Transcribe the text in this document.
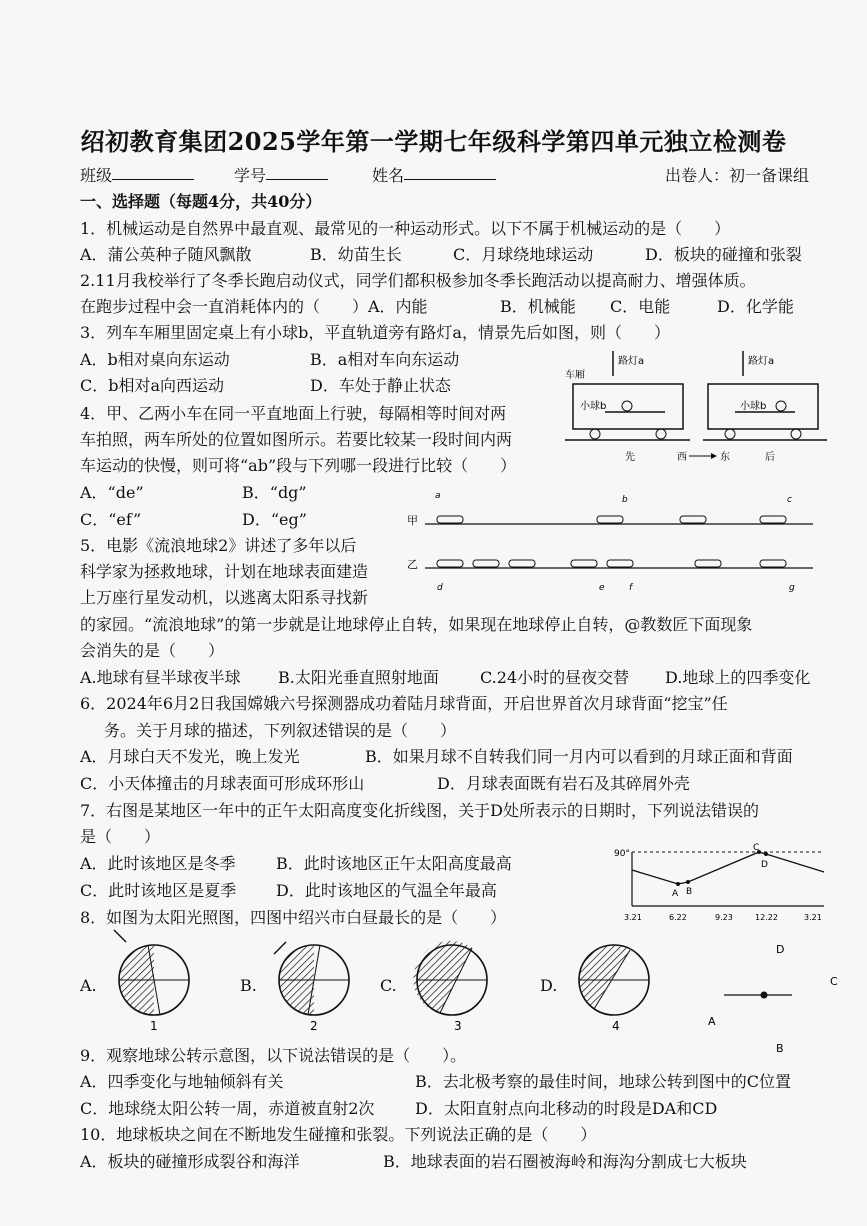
绍初教育集团2025学年第一学期七年级科学第四单元独立检测卷
班级	学号	姓名	出卷人：初一备课组
一、选择题（每题4分，共40分）
1．机械运动是自然界中最直观、最常见的一种运动形式。以下不属于机械运动的是（　　）
A．蒲公英种子随风飘散	B．幼苗生长	C．月球绕地球运动	D．板块的碰撞和张裂
2.11月我校举行了冬季长跑启动仪式，同学们都积极参加冬季长跑活动以提高耐力、增强体质。
在跑步过程中会一直消耗体内的（　　）A．内能	B．机械能 C．电能	D．化学能
3．列车车厢里固定桌上有小球b，平直轨道旁有路灯a，情景先后如图，则（　　）
A．b相对桌向东运动	B．a相对车向东运动
C．b相对a向西运动	D．车处于静止状态
车厢
路灯a
小球b
路灯a
小球b
先	西	东	后
4．甲、乙两小车在同一平直地面上行驶，每隔相等时间对两
车拍照，两车所处的位置如图所示。若要比较某一段时间内两
车运动的快慢，则可将“ab”段与下列哪一段进行比较（　　）
A．“de”	B．“dg”
C．“ef”	D．“eg”
a	b	c
甲
乙
d	e	f	g
5．电影《流浪地球2》讲述了多年以后
科学家为拯救地球，计划在地球表面建造
上万座行星发动机，以逃离太阳系寻找新
的家园。“流浪地球”的第一步就是让地球停止自转，如果现在地球停止自转，@教数匠下面现象
会消失的是（　　）
A.地球有昼半球夜半球 B.太阳光垂直照射地面	C.24小时的昼夜交替 D.地球上的四季变化
6．2024年6月2日我国嫦娥六号探测器成功着陆月球背面，开启世界首次月球背面“挖宝”任
务。关于月球的描述，下列叙述错误的是（　　）
A．月球白天不发光，晚上发光	B．如果月球不自转我们同一月内可以看到的月球正面和背面
C．小天体撞击的月球表面可形成环形山	D．月球表面既有岩石及其碎屑外壳
7．右图是某地区一年中的正午太阳高度变化折线图，关于D处所表示的日期时，下列说法错误的
是（　　）
A．此时该地区是冬季	B．此时该地区正午太阳高度最高
C．此时该地区是夏季 D．此时该地区的气温全年最高
90°
A B
C
D
3.21	6.22	9.23	12.22	3.21
8．如图为太阳光照图，四图中绍兴市白昼最长的是（　　）
A.	B.	C.	D.
1	2	3	4
D
C
A
B
9．观察地球公转示意图，以下说法错误的是（　　）。
A．四季变化与地轴倾斜有关	B．去北极考察的最佳时间，地球公转到图中的C位置
C．地球绕太阳公转一周，赤道被直射2次	D．太阳直射点向北移动的时段是DA和CD
10．地球板块之间在不断地发生碰撞和张裂。下列说法正确的是（　　）
A．板块的碰撞形成裂谷和海洋	B．地球表面的岩石圈被海岭和海沟分割成七大板块
